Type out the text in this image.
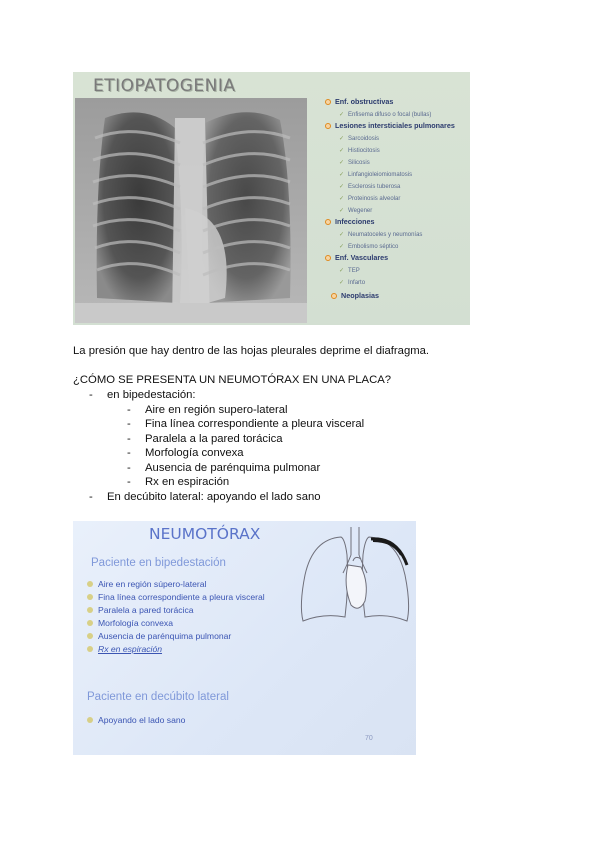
ETIOPATOGENIA
Enf. obstructivas
✓ Enfisema difuso o focal (bullas)
Lesiones intersticiales pulmonares
✓ Sarcoidosis
✓ Histiocitosis
✓ Silicosis
✓ Linfangioleiomiomatosis
✓ Esclerosis tuberosa
✓ Proteinosis alveolar
✓ Wegener
Infecciones
✓ Neumatoceles y neumonías
✓ Embolismo séptico
Enf. Vasculares
✓ TEP
✓ Infarto
Neoplasias
La presión que hay dentro de las hojas pleurales deprime el diafragma.
¿CÓMO SE PRESENTA UN NEUMOTÓRAX EN UNA PLACA?
- en bipedestación:
- Aire en región supero-lateral
- Fina línea correspondiente a pleura visceral
- Paralela a la pared torácica
- Morfología convexa
- Ausencia de parénquima pulmonar
- Rx en espiración
- En decúbito lateral: apoyando el lado sano
NEUMOTÓRAX
Paciente en bipedestación
Aire en región súpero-lateral
Fina línea correspondiente a pleura visceral
Paralela a pared torácica
Morfología convexa
Ausencia de parénquima pulmonar
Rx en espiración
Paciente en decúbito lateral
Apoyando el lado sano
70
